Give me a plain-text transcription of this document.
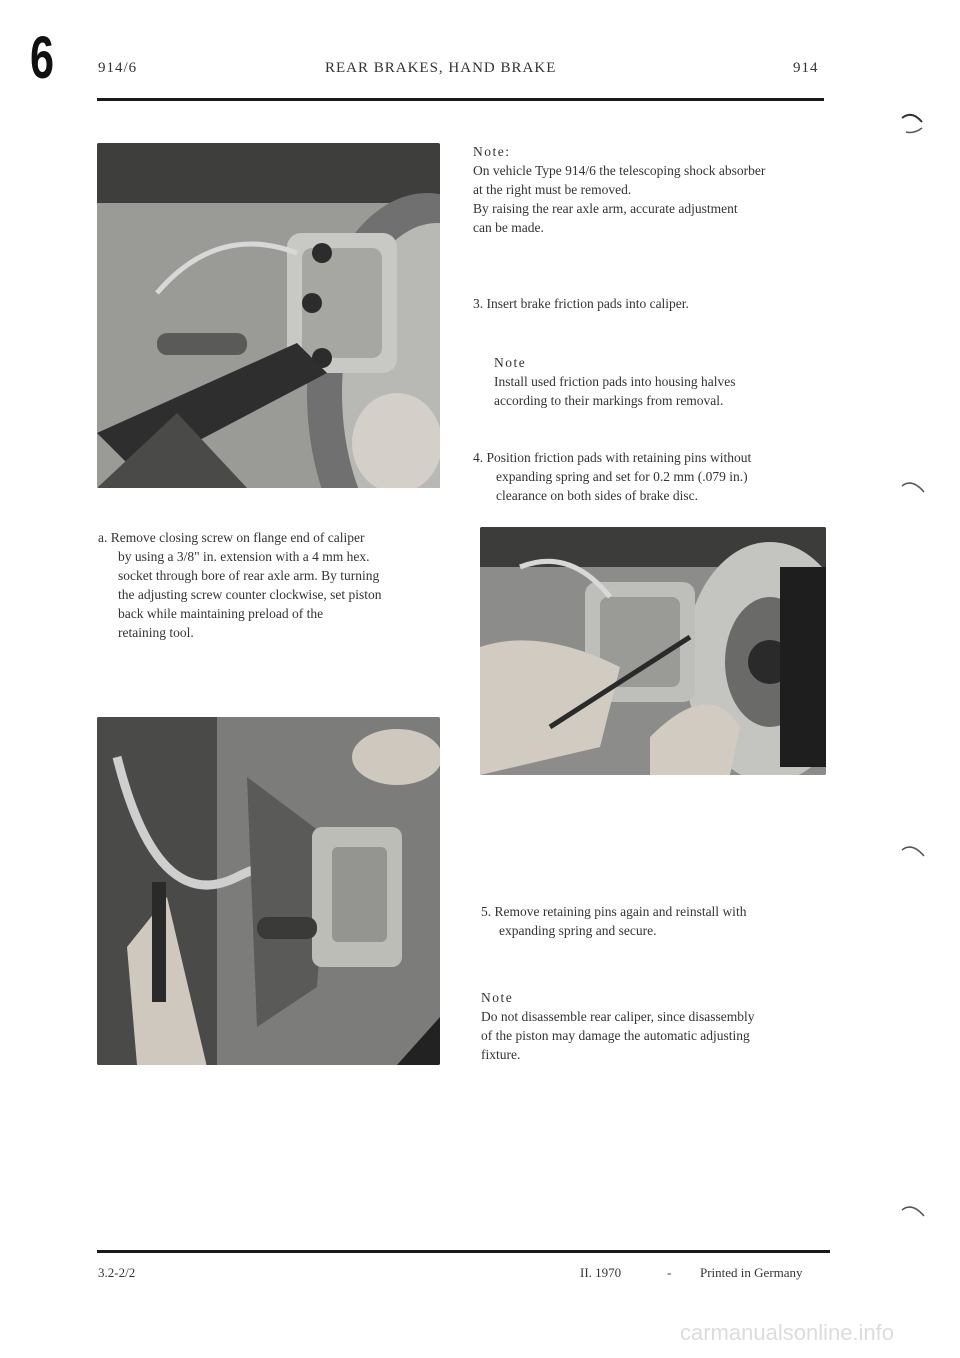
6	914/6	REAR BRAKES, HAND BRAKE	914

a. Remove closing screw on flange end of caliper

by using a 3/8" in. extension with a 4 mm hex.

socket through bore of rear axle arm. By turning

the adjusting screw counter clockwise, set piston

back while maintaining preload of the

retaining tool.

Note:

On vehicle Type 914/6 the telescoping shock absorber

at the right must be removed.

By raising the rear axle arm, accurate adjustment

can be made.

3. Insert brake friction pads into caliper.

Note

Install used friction pads into housing halves

according to their markings from removal.

4. Position friction pads with retaining pins without

expanding spring and set for 0.2 mm (.079 in.)

clearance on both sides of brake disc.

5. Remove retaining pins again and reinstall with

expanding spring and secure.

Note

Do not disassemble rear caliper, since disassembly

of the piston may damage the automatic adjusting

fixture.

3.2-2/2	II. 1970	- Printed in Germany
carmanualsonline.info
